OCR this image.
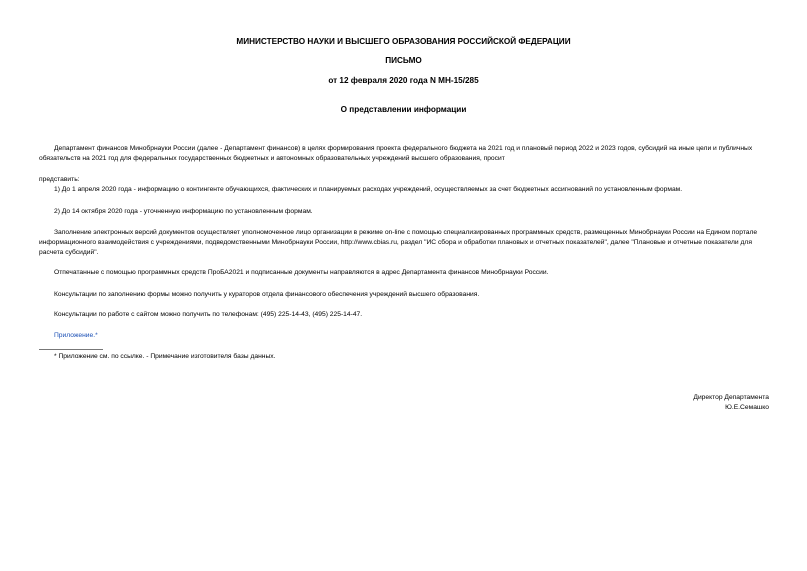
МИНИСТЕРСТВО НАУКИ И ВЫСШЕГО ОБРАЗОВАНИЯ РОССИЙСКОЙ ФЕДЕРАЦИИ
ПИСЬМО
от 12 февраля 2020 года N МН-15/285
О представлении информации
Департамент финансов Минобрнауки России (далее - Департамент финансов) в целях формирования проекта федерального бюджета на 2021 год и плановый период 2022 и 2023 годов, субсидий на иные цели и публичных обязательств на 2021 год для федеральных государственных бюджетных и автономных образовательных учреждений высшего образования, просит
представить:
1) До 1 апреля 2020 года - информацию о контингенте обучающихся, фактических и планируемых расходах учреждений, осуществляемых за счет бюджетных ассигнований по установленным формам.
2) До 14 октября 2020 года - уточненную информацию по установленным формам.
Заполнение электронных версий документов осуществляет уполномоченное лицо организации в режиме on-line с помощью специализированных программных средств, размещенных Минобрнауки России на Едином портале информационного взаимодействия с учреждениями, подведомственными Минобрнауки России, http://www.cbias.ru, раздел "ИС сбора и обработки плановых и отчетных показателей", далее "Плановые и отчетные показатели для расчета субсидий".
Отпечатанные с помощью программных средств ПроБА2021 и подписанные документы направляются в адрес Департамента финансов Минобрнауки России.
Консультации по заполнению формы можно получить у кураторов отдела финансового обеспечения учреждений высшего образования.
Консультации по работе с сайтом можно получить по телефонам: (495) 225-14-43, (495) 225-14-47.
Приложение.*
* Приложение см. по ссылке. - Примечание изготовителя базы данных.
Директор Департамента
Ю.Е.Семашко
